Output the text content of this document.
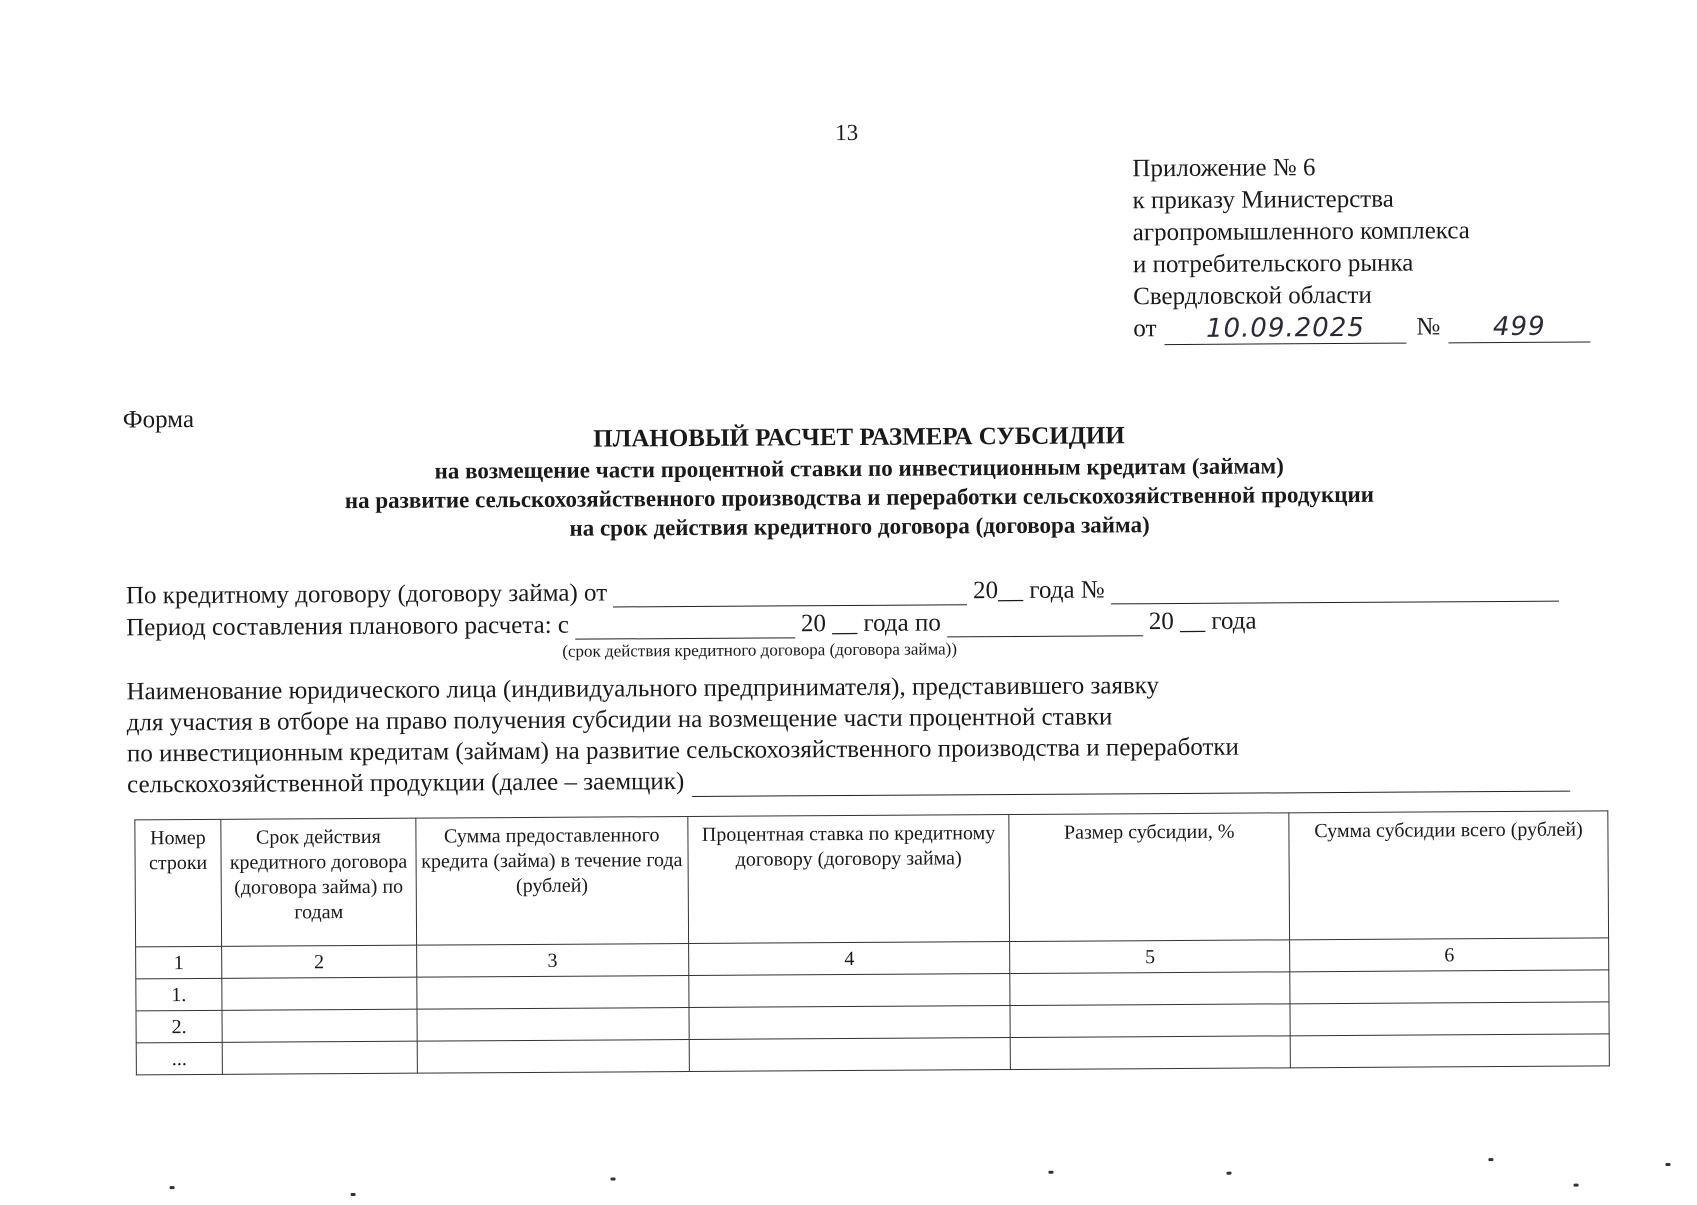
13
Приложение № 6
к приказу Министерства
агропромышленного комплекса
и потребительского рынка
Свердловской области
от	10.09.2025	№	499
Форма
ПЛАНОВЫЙ РАСЧЕТ РАЗМЕРА СУБСИДИИ
на возмещение части процентной ставки по инвестиционным кредитам (займам)
на развитие сельскохозяйственного производства и переработки сельскохозяйственной продукции
на срок действия кредитного договора (договора займа)
По кредитному договору (договору займа) от	20__ года №
Период составления планового расчета: с	20 __ года по	20 __ года
(срок действия кредитного договора (договора займа))
Наименование юридического лица (индивидуального предпринимателя), представившего заявку
для участия в отборе на право получения субсидии на возмещение части процентной ставки
по инвестиционным кредитам (займам) на развитие сельскохозяйственного производства и переработки
сельскохозяйственной продукции (далее – заемщик)
Номер строки	Срок действия кредитного договора (договора займа) по годам	Сумма предоставленного кредита (займа) в течение года (рублей)	Процентная ставка по кредитному договору (договору займа)	Размер субсидии, %	Сумма субсидии всего (рублей)
1	2	3	4	5	6
1.					
2.					
...					
